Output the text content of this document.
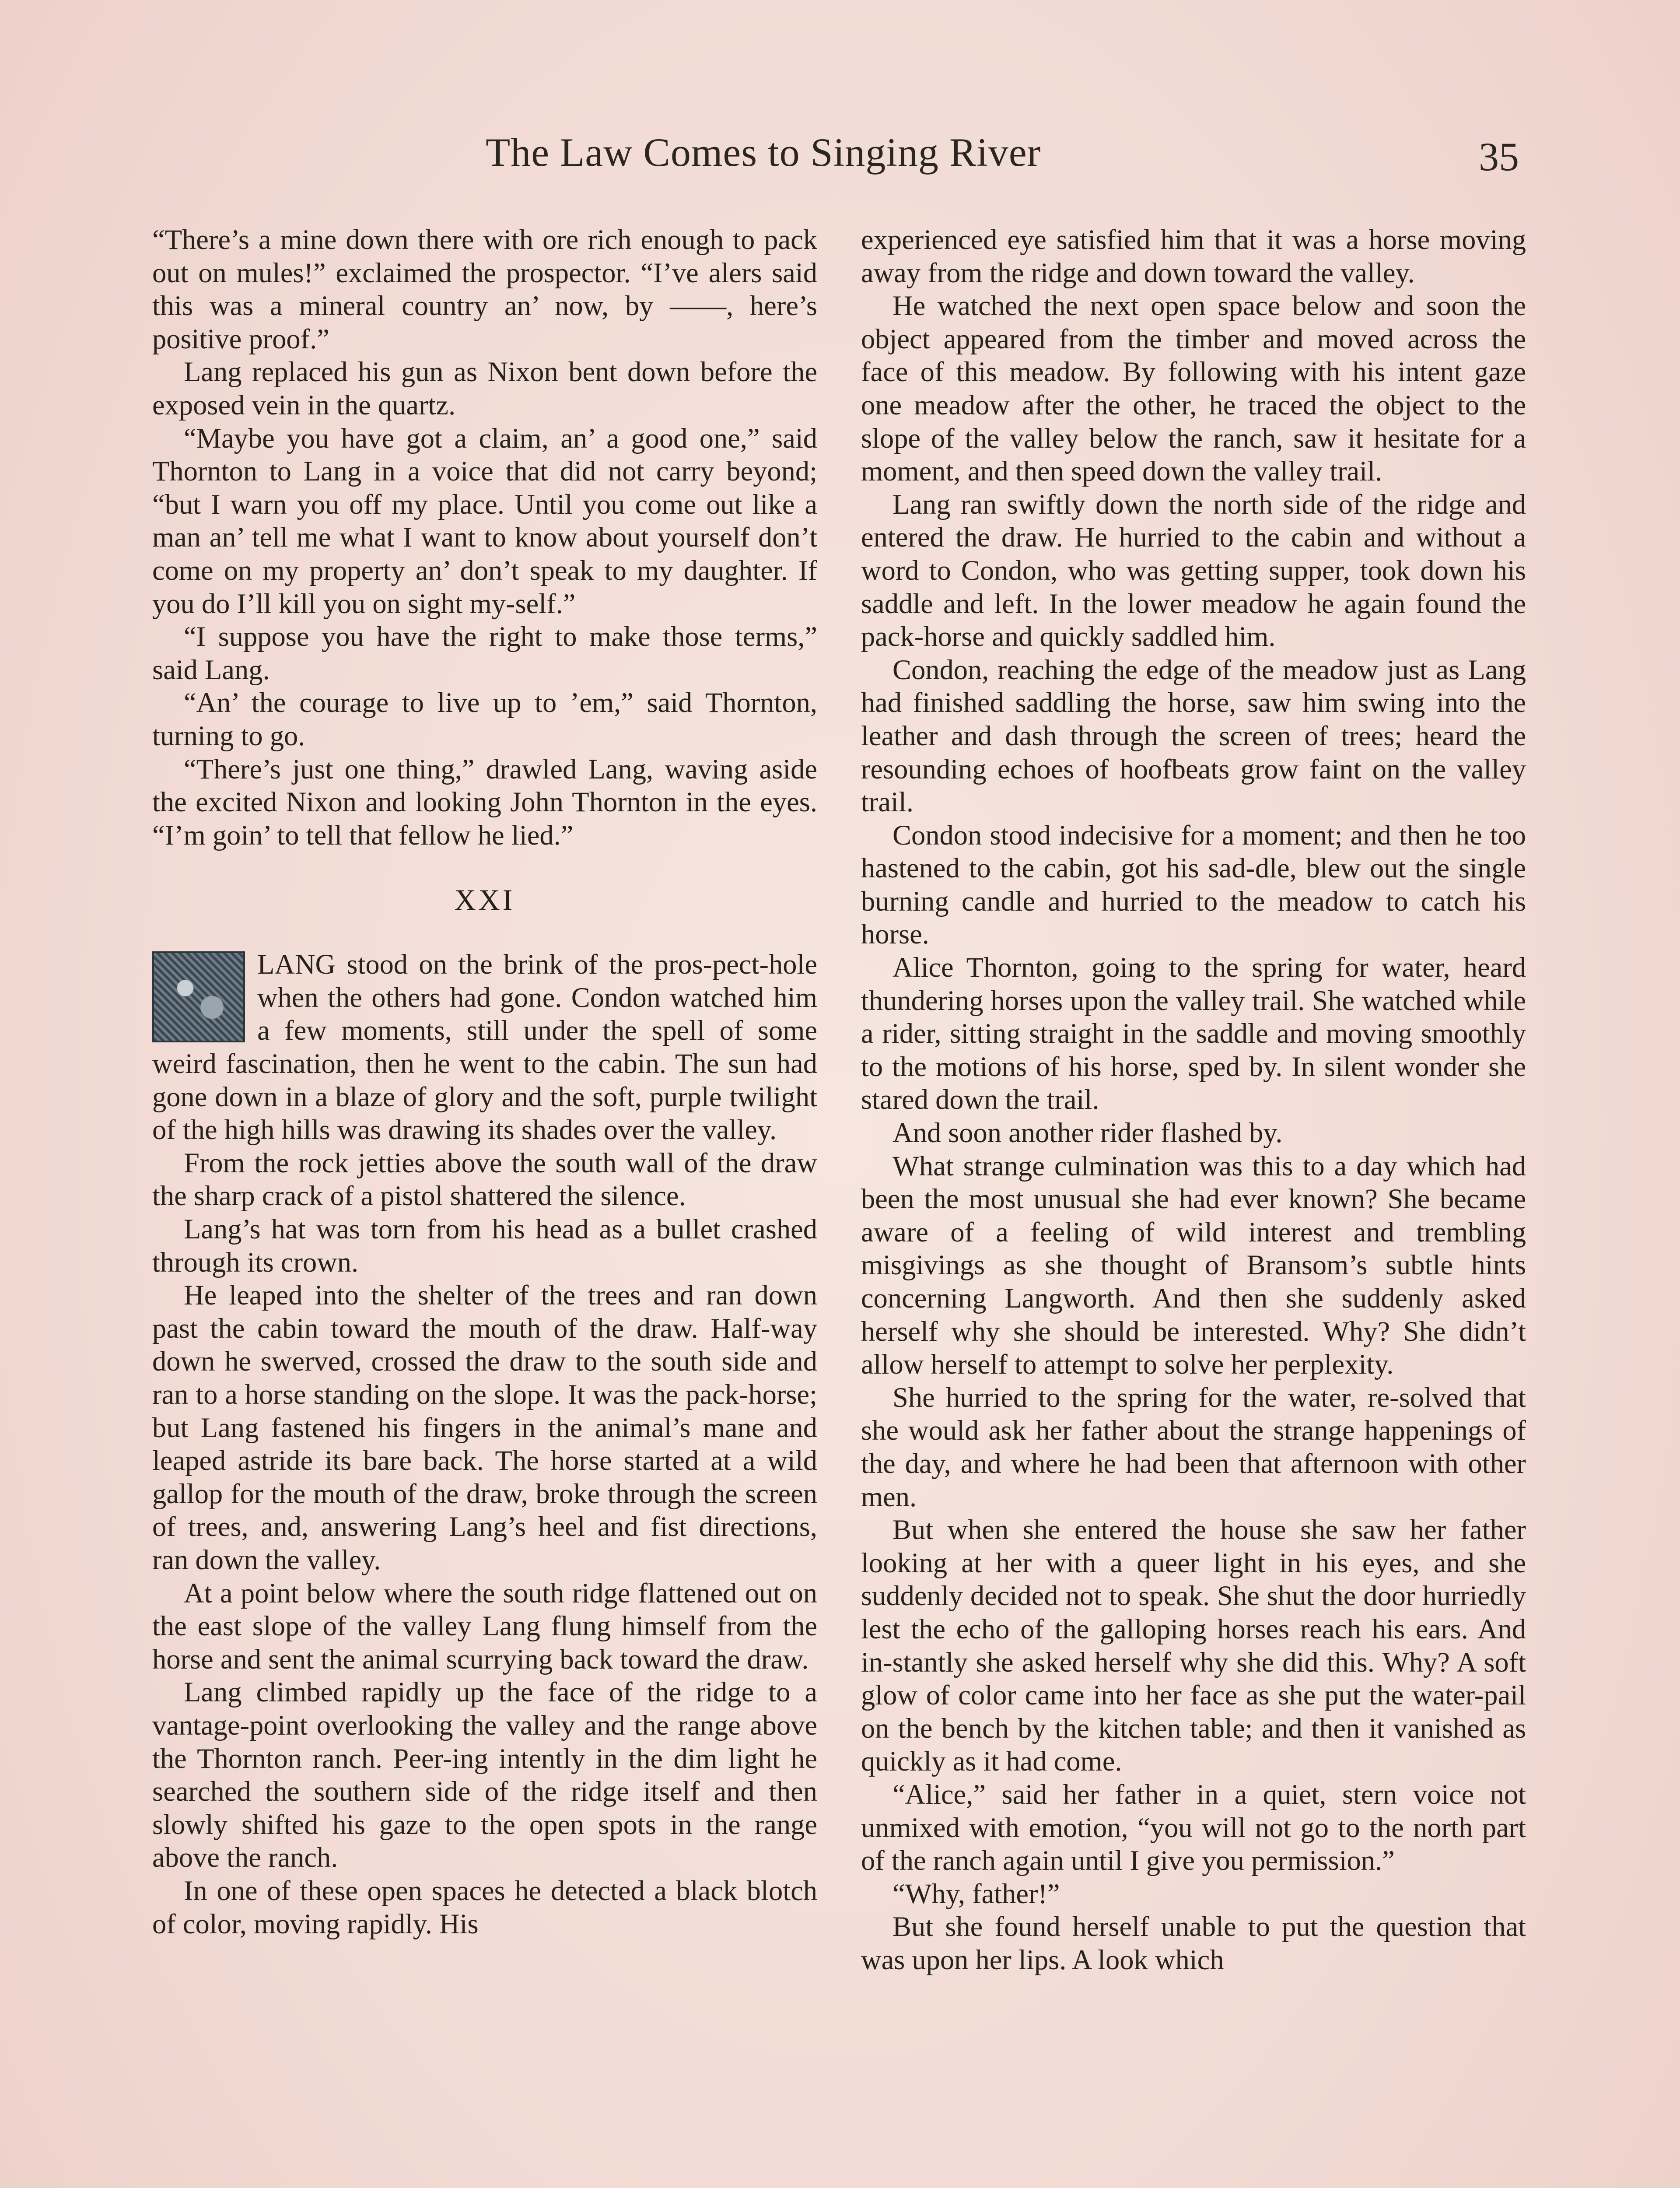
The Law Comes to Singing River	35

“There’s a mine down there with ore rich enough to pack out on mules!” exclaimed the prospector. “I’ve alers said this was a mineral country an’ now, by ——, here’s positive proof.”

Lang replaced his gun as Nixon bent down before the exposed vein in the quartz.

“Maybe you have got a claim, an’ a good one,” said Thornton to Lang in a voice that did not carry beyond; “but I warn you off my place. Until you come out like a man an’ tell me what I want to know about yourself don’t come on my property an’ don’t speak to my daughter. If you do I’ll kill you on sight my-self.”

“I suppose you have the right to make those terms,” said Lang.

“An’ the courage to live up to ’em,” said Thornton, turning to go.

“There’s just one thing,” drawled Lang, waving aside the excited Nixon and looking John Thornton in the eyes. “I’m goin’ to tell that fellow he lied.”

XXI

LANG stood on the brink of the pros-pect-hole when the others had gone. Condon watched him a few moments, still under the spell of some weird fascination, then he went to the cabin. The sun had gone down in a blaze of glory and the soft, purple twilight of the high hills was drawing its shades over the valley.

From the rock jetties above the south wall of the draw the sharp crack of a pistol shattered the silence.

Lang’s hat was torn from his head as a bullet crashed through its crown.

He leaped into the shelter of the trees and ran down past the cabin toward the mouth of the draw. Half-way down he swerved, crossed the draw to the south side and ran to a horse standing on the slope. It was the pack-horse; but Lang fastened his fingers in the animal’s mane and leaped astride its bare back. The horse started at a wild gallop for the mouth of the draw, broke through the screen of trees, and, answering Lang’s heel and fist directions, ran down the valley.

At a point below where the south ridge flattened out on the east slope of the valley Lang flung himself from the horse and sent the animal scurrying back toward the draw.

Lang climbed rapidly up the face of the ridge to a vantage-point overlooking the valley and the range above the Thornton ranch. Peer-ing intently in the dim light he searched the southern side of the ridge itself and then slowly shifted his gaze to the open spots in the range above the ranch.

In one of these open spaces he detected a black blotch of color, moving rapidly. His

experienced eye satisfied him that it was a horse moving away from the ridge and down toward the valley.

He watched the next open space below and soon the object appeared from the timber and moved across the face of this meadow. By following with his intent gaze one meadow after the other, he traced the object to the slope of the valley below the ranch, saw it hesitate for a moment, and then speed down the valley trail.

Lang ran swiftly down the north side of the ridge and entered the draw. He hurried to the cabin and without a word to Condon, who was getting supper, took down his saddle and left. In the lower meadow he again found the pack-horse and quickly saddled him.

Condon, reaching the edge of the meadow just as Lang had finished saddling the horse, saw him swing into the leather and dash through the screen of trees; heard the resounding echoes of hoofbeats grow faint on the valley trail.

Condon stood indecisive for a moment; and then he too hastened to the cabin, got his sad-dle, blew out the single burning candle and hurried to the meadow to catch his horse.

Alice Thornton, going to the spring for water, heard thundering horses upon the valley trail. She watched while a rider, sitting straight in the saddle and moving smoothly to the motions of his horse, sped by. In silent wonder she stared down the trail.

And soon another rider flashed by.

What strange culmination was this to a day which had been the most unusual she had ever known? She became aware of a feeling of wild interest and trembling misgivings as she thought of Bransom’s subtle hints concerning Langworth. And then she suddenly asked herself why she should be interested. Why? She didn’t allow herself to attempt to solve her perplexity.

She hurried to the spring for the water, re-solved that she would ask her father about the strange happenings of the day, and where he had been that afternoon with other men.

But when she entered the house she saw her father looking at her with a queer light in his eyes, and she suddenly decided not to speak. She shut the door hurriedly lest the echo of the galloping horses reach his ears. And in-stantly she asked herself why she did this. Why? A soft glow of color came into her face as she put the water-pail on the bench by the kitchen table; and then it vanished as quickly as it had come.

“Alice,” said her father in a quiet, stern voice not unmixed with emotion, “you will not go to the north part of the ranch again until I give you permission.”

“Why, father!”

But she found herself unable to put the question that was upon her lips. A look which
